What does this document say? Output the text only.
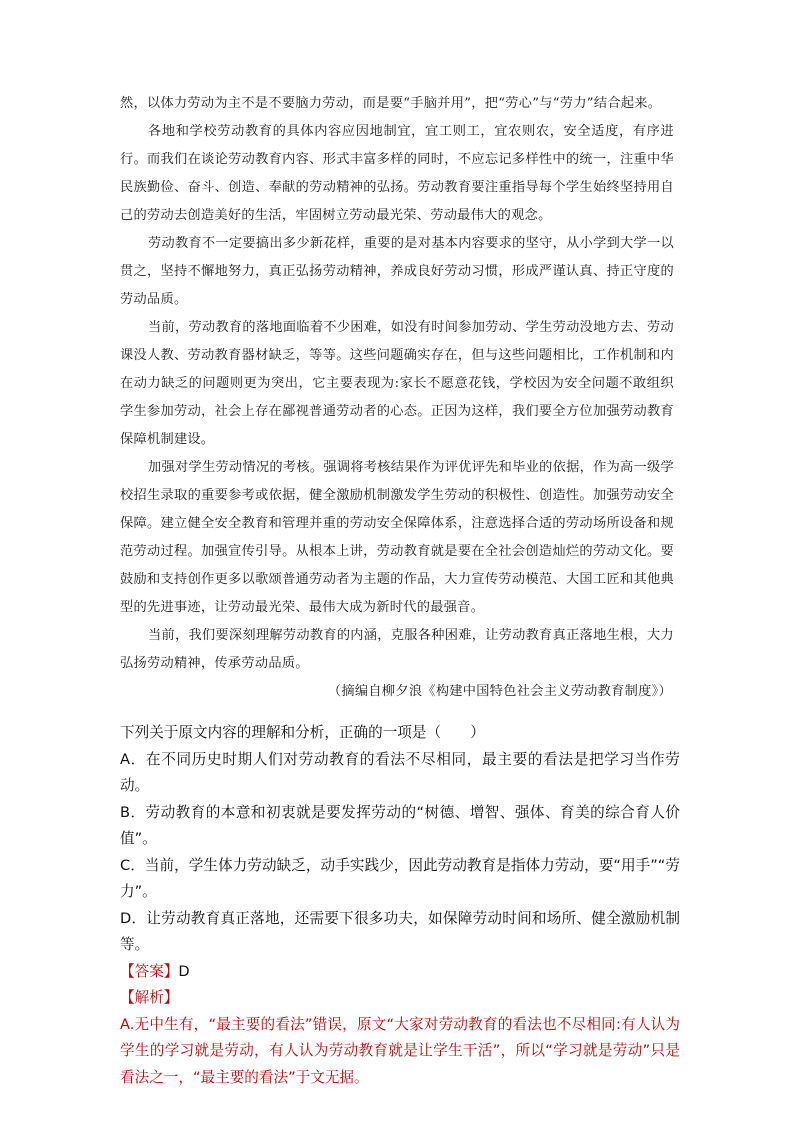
然，以体力劳动为主不是不要脑力劳动，而是要“手脑并用”，把“劳心”与“劳力”结合起来。

各地和学校劳动教育的具体内容应因地制宜，宜工则工，宜农则农，安全适度，有序进行。而我们在谈论劳动教育内容、形式丰富多样的同时，不应忘记多样性中的统一，注重中华民族勤俭、奋斗、创造、奉献的劳动精神的弘扬。劳动教育要注重指导每个学生始终坚持用自己的劳动去创造美好的生活，牢固树立劳动最光荣、劳动最伟大的观念。

劳动教育不一定要搞出多少新花样，重要的是对基本内容要求的坚守，从小学到大学一以贯之，坚持不懈地努力，真正弘扬劳动精神，养成良好劳动习惯，形成严谨认真、持正守度的劳动品质。

当前，劳动教育的落地面临着不少困难，如没有时间参加劳动、学生劳动没地方去、劳动课没人教、劳动教育器材缺乏，等等。这些问题确实存在，但与这些问题相比，工作机制和内在动力缺乏的问题则更为突出，它主要表现为:家长不愿意花钱，学校因为安全问题不敢组织学生参加劳动，社会上存在鄙视普通劳动者的心态。正因为这样，我们要全方位加强劳动教育保障机制建设。

加强对学生劳动情况的考核。强调将考核结果作为评优评先和毕业的依据，作为高一级学校招生录取的重要参考或依据，健全激励机制激发学生劳动的积极性、创造性。加强劳动安全保障。建立健全安全教育和管理并重的劳动安全保障体系，注意选择合适的劳动场所设备和规范劳动过程。加强宣传引导。从根本上讲，劳动教育就是要在全社会创造灿烂的劳动文化。要鼓励和支持创作更多以歌颂普通劳动者为主题的作品，大力宣传劳动模范、大国工匠和其他典型的先进事迹，让劳动最光荣、最伟大成为新时代的最强音。

当前，我们要深刻理解劳动教育的内涵，克服各种困难，让劳动教育真正落地生根，大力弘扬劳动精神，传承劳动品质。

（摘编自柳夕浪《构建中国特色社会主义劳动教育制度》）

下列关于原文内容的理解和分析，正确的一项是（　　）

A．在不同历史时期人们对劳动教育的看法不尽相同，最主要的看法是把学习当作劳动。

B．劳动教育的本意和初衷就是要发挥劳动的“树德、增智、强体、育美的综合育人价值”。

C．当前，学生体力劳动缺乏，动手实践少，因此劳动教育是指体力劳动，要“用手”“劳力”。

D．让劳动教育真正落地，还需要下很多功夫，如保障劳动时间和场所、健全激励机制等。

【答案】D

【解析】

A.无中生有，“最主要的看法”错误，原文“大家对劳动教育的看法也不尽相同:有人认为学生的学习就是劳动，有人认为劳动教育就是让学生干活”，所以“学习就是劳动”只是看法之一，“最主要的看法”于文无据。
